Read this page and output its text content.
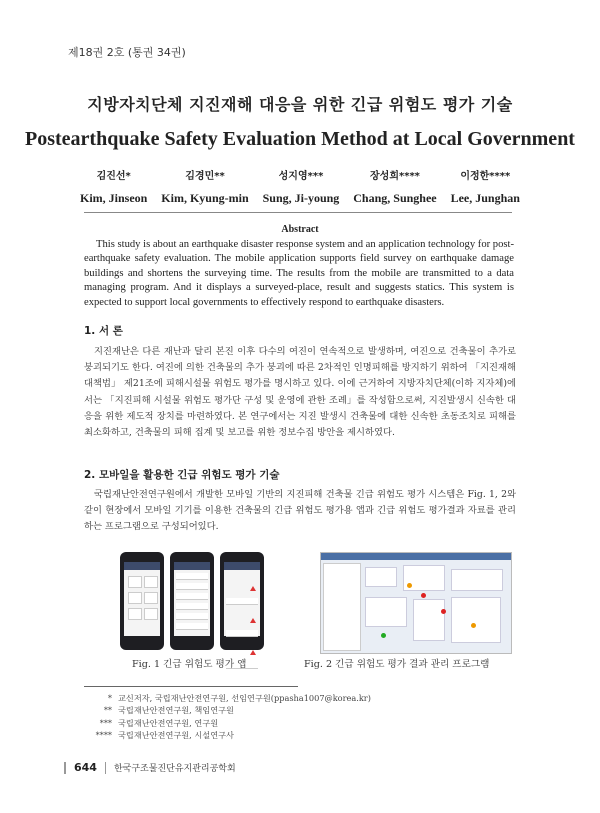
제18권 2호 (통권 34권)
지방자치단체 지진재해 대응을 위한 긴급 위험도 평가 기술
Postearthquake Safety Evaluation Method at Local Government
김진선*
Kim, Jinseon
김경민**
Kim, Kyung-min
성지영***
Sung, Ji-young
장성희****
Chang, Sunghee
이정한****
Lee, Junghan
Abstract
This study is about an earthquake disaster response system and an application technology for post-earthquake safety evaluation. The mobile application supports field survey on earthquake damage buildings and shortens the surveying time. The results from the mobile are transmitted to a data managing program. And it displays a surveyed-place, result and suggests statics. This system is expected to support local governments to effectively respond to earthquake disasters.
1. 서 론
지진재난은 다른 재난과 달리 본진 이후 다수의 여진이 연속적으로 발생하며, 여진으로 건축물이 추가로 붕괴되기도 한다. 여진에 의한 건축물의 추가 붕괴에 따른 2차적인 인명피해를 방지하기 위하여 「지진재해대책법」 제21조에 피해시설물 위험도 평가를 명시하고 있다. 이에 근거하여 지방자치단체(이하 지자체)에서는 「지진피해 시설물 위험도 평가단 구성 및 운영에 관한 조례」를 작성함으로써, 지진발생시 신속한 대응을 위한 제도적 장치를 마련하였다. 본 연구에서는 지진 발생시 건축물에 대한 신속한 초동조치로 피해를 최소화하고, 건축물의 피해 집계 및 보고를 위한 정보수집 방안을 제시하였다.
2. 모바일을 활용한 긴급 위험도 평가 기술
국립재난안전연구원에서 개발한 모바일 기반의 지진피해 건축물 긴급 위험도 평가 시스템은 Fig. 1, 2와 같이 현장에서 모바일 기기를 이용한 건축물의 긴급 위험도 평가용 앱과 긴급 위험도 평가결과 자료를 관리하는 프로그램으로 구성되어있다.
Fig. 1 긴급 위험도 평가 앱	Fig. 2 긴급 위험도 평가 결과 관리 프로그램
* 교신저자, 국립재난안전연구원, 선임연구원(ppasha1007@korea.kr)
** 국립재난안전연구원, 책임연구원
*** 국립재난안전연구원, 연구원
**** 국립재난안전연구원, 시설연구사
644 한국구조물진단유지관리공학회
